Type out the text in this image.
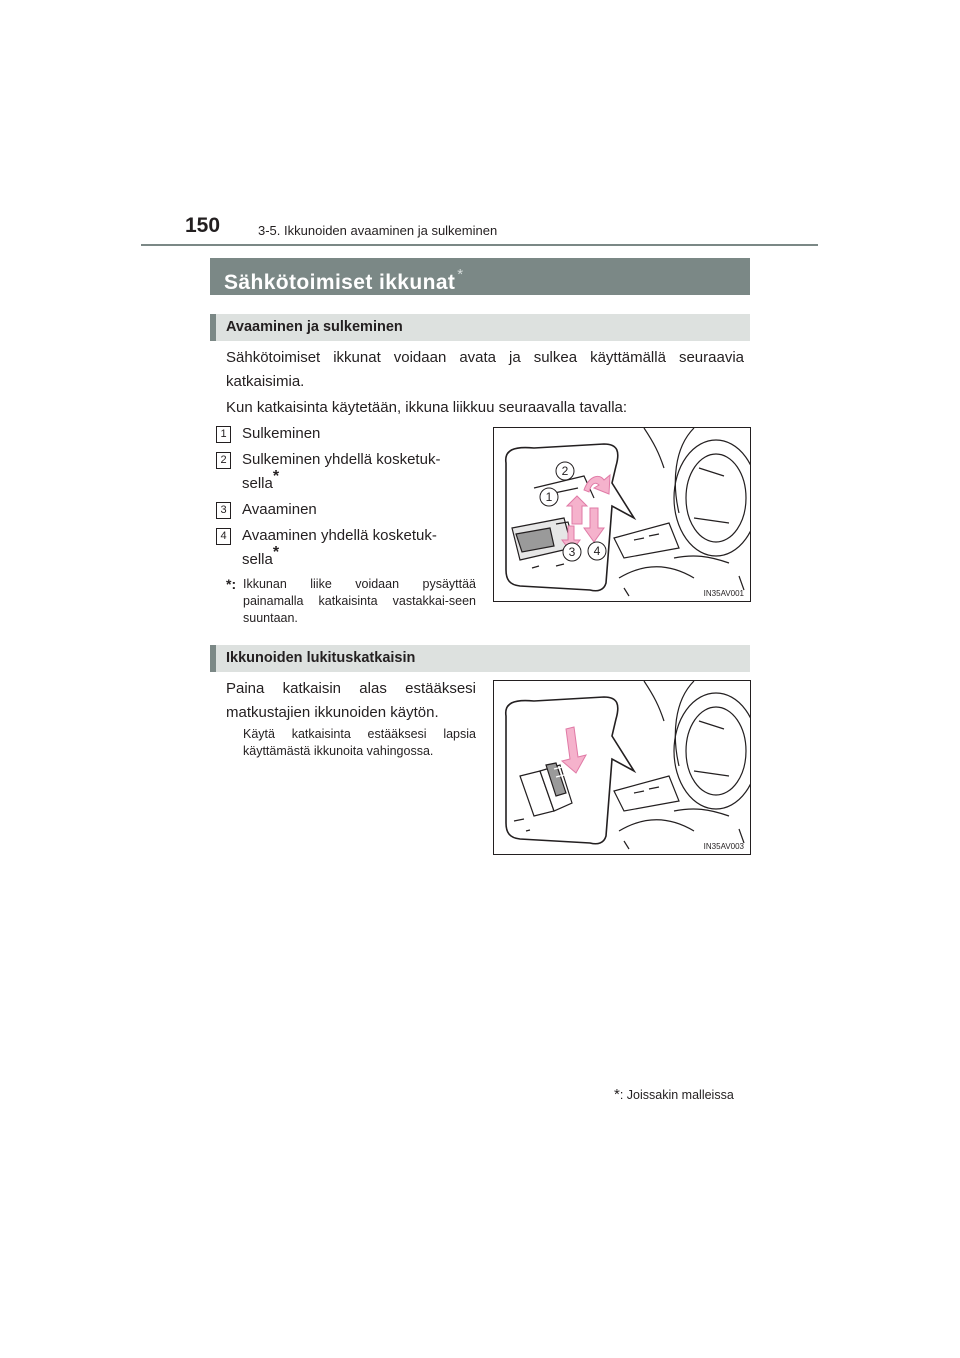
150	3-5. Ikkunoiden avaaminen ja sulkeminen
Sähkötoimiset ikkunat *
Avaaminen ja sulkeminen
Sähkötoimiset ikkunat voidaan avata ja sulkea käyttämällä seuraavia katkaisimia.
Kun katkaisinta käytetään, ikkuna liikkuu seuraavalla tavalla:
1 Sulkeminen
2 Sulkeminen yhdellä kosketuk-
sella*
3 Avaaminen
4 Avaaminen yhdellä kosketuk-
sella*
*: Ikkunan liike voidaan pysäyttää painamalla katkaisinta vastakkai-seen suuntaan.
1
2
3 4
IN35AV001
Ikkunoiden lukituskatkaisin
Paina katkaisin alas estääksesi matkustajien ikkunoiden käytön.
Käytä katkaisinta estääksesi lapsia käyttämästä ikkunoita vahingossa.
IN35AV003
*: Joissakin malleissa
